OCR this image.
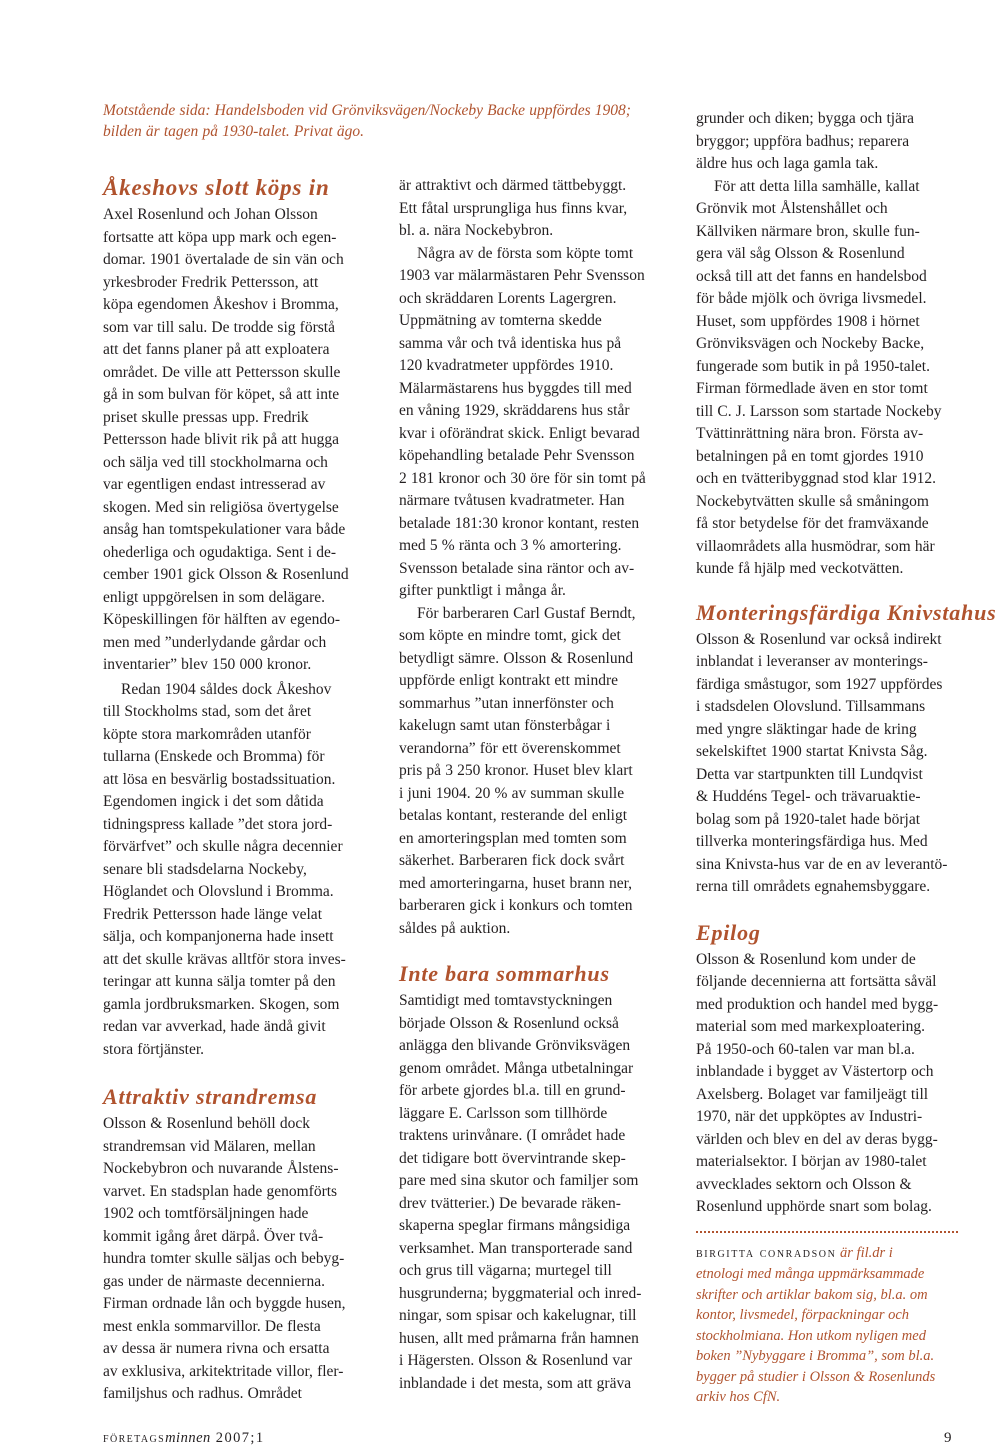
Motstående sida: Handelsboden vid Grönviksvägen/Nockeby Backe uppfördes 1908;
bilden är tagen på 1930-talet. Privat ägo.

Åkeshovs slott köps in

Axel Rosenlund och Johan Olsson
fortsatte att köpa upp mark och egen-
domar. 1901 övertalade de sin vän och
yrkesbroder Fredrik Pettersson, att
köpa egendomen Åkeshov i Bromma,
som var till salu. De trodde sig förstå
att det fanns planer på att exploatera
området. De ville att Pettersson skulle
gå in som bulvan för köpet, så att inte
priset skulle pressas upp. Fredrik
Pettersson hade blivit rik på att hugga
och sälja ved till stockholmarna och
var egentligen endast intresserad av
skogen. Med sin religiösa övertygelse
ansåg han tomtspekulationer vara både
ohederliga och ogudaktiga. Sent i de-
cember 1901 gick Olsson & Rosenlund
enligt uppgörelsen in som delägare.
Köpeskillingen för hälften av egendo-
men med ”underlydande gårdar och
inventarier” blev 150 000 kronor.

Redan 1904 såldes dock Åkeshov
till Stockholms stad, som det året
köpte stora markområden utanför
tullarna (Enskede och Bromma) för
att lösa en besvärlig bostadssituation.
Egendomen ingick i det som dåtida
tidningspress kallade ”det stora jord-
förvärfvet” och skulle några decennier
senare bli stadsdelarna Nockeby,
Höglandet och Olovslund i Bromma.
Fredrik Pettersson hade länge velat
sälja, och kompanjonerna hade insett
att det skulle krävas alltför stora inves-
teringar att kunna sälja tomter på den
gamla jordbruksmarken. Skogen, som
redan var avverkad, hade ändå givit
stora förtjänster.

Attraktiv strandremsa

Olsson & Rosenlund behöll dock
strandremsan vid Mälaren, mellan
Nockebybron och nuvarande Ålstens-
varvet. En stadsplan hade genomförts
1902 och tomtförsäljningen hade
kommit igång året därpå. Över två-
hundra tomter skulle säljas och bebyg-
gas under de närmaste decennierna.
Firman ordnade lån och byggde husen,
mest enkla sommarvillor. De flesta
av dessa är numera rivna och ersatta
av exklusiva, arkitektritade villor, fler-
familjshus och radhus. Området

är attraktivt och därmed tättbebyggt.
Ett fåtal ursprungliga hus finns kvar,
bl. a. nära Nockebybron.

Några av de första som köpte tomt
1903 var mälarmästaren Pehr Svensson
och skräddaren Lorents Lagergren.
Uppmätning av tomterna skedde
samma vår och två identiska hus på
120 kvadratmeter uppfördes 1910.
Mälarmästarens hus byggdes till med
en våning 1929, skräddarens hus står
kvar i oförändrat skick. Enligt bevarad
köpehandling betalade Pehr Svensson
2 181 kronor och 30 öre för sin tomt på
närmare tvåtusen kvadratmeter. Han
betalade 181:30 kronor kontant, resten
med 5 % ränta och 3 % amortering.
Svensson betalade sina räntor och av-
gifter punktligt i många år.

För barberaren Carl Gustaf Berndt,
som köpte en mindre tomt, gick det
betydligt sämre. Olsson & Rosenlund
uppförde enligt kontrakt ett mindre
sommarhus ”utan innerfönster och
kakelugn samt utan fönsterbågar i
verandorna” för ett överenskommet
pris på 3 250 kronor. Huset blev klart
i juni 1904. 20 % av summan skulle
betalas kontant, resterande del enligt
en amorteringsplan med tomten som
säkerhet. Barberaren fick dock svårt
med amorteringarna, huset brann ner,
barberaren gick i konkurs och tomten
såldes på auktion.

Inte bara sommarhus

Samtidigt med tomtavstyckningen
började Olsson & Rosenlund också
anlägga den blivande Grönviksvägen
genom området. Många utbetalningar
för arbete gjordes bl.a. till en grund-
läggare E. Carlsson som tillhörde
traktens urinvånare. (I området hade
det tidigare bott övervintrande skep-
pare med sina skutor och familjer som
drev tvätterier.) De bevarade räken-
skaperna speglar firmans mångsidiga
verksamhet. Man transporterade sand
och grus till vägarna; murtegel till
husgrunderna; byggmaterial och inred-
ningar, som spisar och kakelugnar, till
husen, allt med pråmarna från hamnen
i Hägersten. Olsson & Rosenlund var
inblandade i det mesta, som att gräva

grunder och diken; bygga och tjära
bryggor; uppföra badhus; reparera
äldre hus och laga gamla tak.

För att detta lilla samhälle, kallat
Grönvik mot Ålstenshållet och
Källviken närmare bron, skulle fun-
gera väl såg Olsson & Rosenlund
också till att det fanns en handelsbod
för både mjölk och övriga livsmedel.
Huset, som uppfördes 1908 i hörnet
Grönviksvägen och Nockeby Backe,
fungerade som butik in på 1950-talet.
Firman förmedlade även en stor tomt
till C. J. Larsson som startade Nockeby
Tvättinrättning nära bron. Första av-
betalningen på en tomt gjordes 1910
och en tvätteribyggnad stod klar 1912.
Nockebytvätten skulle så småningom
få stor betydelse för det framväxande
villaområdets alla husmödrar, som här
kunde få hjälp med veckotvätten.

Monteringsfärdiga Knivstahus

Olsson & Rosenlund var också indirekt
inblandat i leveranser av monterings-
färdiga småstugor, som 1927 uppfördes
i stadsdelen Olovslund. Tillsammans
med yngre släktingar hade de kring
sekelskiftet 1900 startat Knivsta Såg.
Detta var startpunkten till Lundqvist
& Huddéns Tegel- och trävaruaktie-
bolag som på 1920-talet hade börjat
tillverka monteringsfärdiga hus. Med
sina Knivsta-hus var de en av leverantö-
rerna till områdets egnahemsbyggare.

Epilog

Olsson & Rosenlund kom under de
följande decennierna att fortsätta såväl
med produktion och handel med bygg-
material som med markexploatering.
På 1950-och 60-talen var man bl.a.
inblandade i bygget av Västertorp och
Axelsberg. Bolaget var familjeägt till
1970, när det uppköptes av Industri-
världen och blev en del av deras bygg-
materialsektor. I början av 1980-talet
avvecklades sektorn och Olsson &
Rosenlund upphörde snart som bolag.

birgitta conradson är fil.dr i
etnologi med många uppmärksammade
skrifter och artiklar bakom sig, bl.a. om
kontor, livsmedel, förpackningar och
stockholmiana. Hon utkom nyligen med
boken ”Nybyggare i Bromma”, som bl.a.
bygger på studier i Olsson & Rosenlunds
arkiv hos CfN.

företagsminnen 2007;1	9
